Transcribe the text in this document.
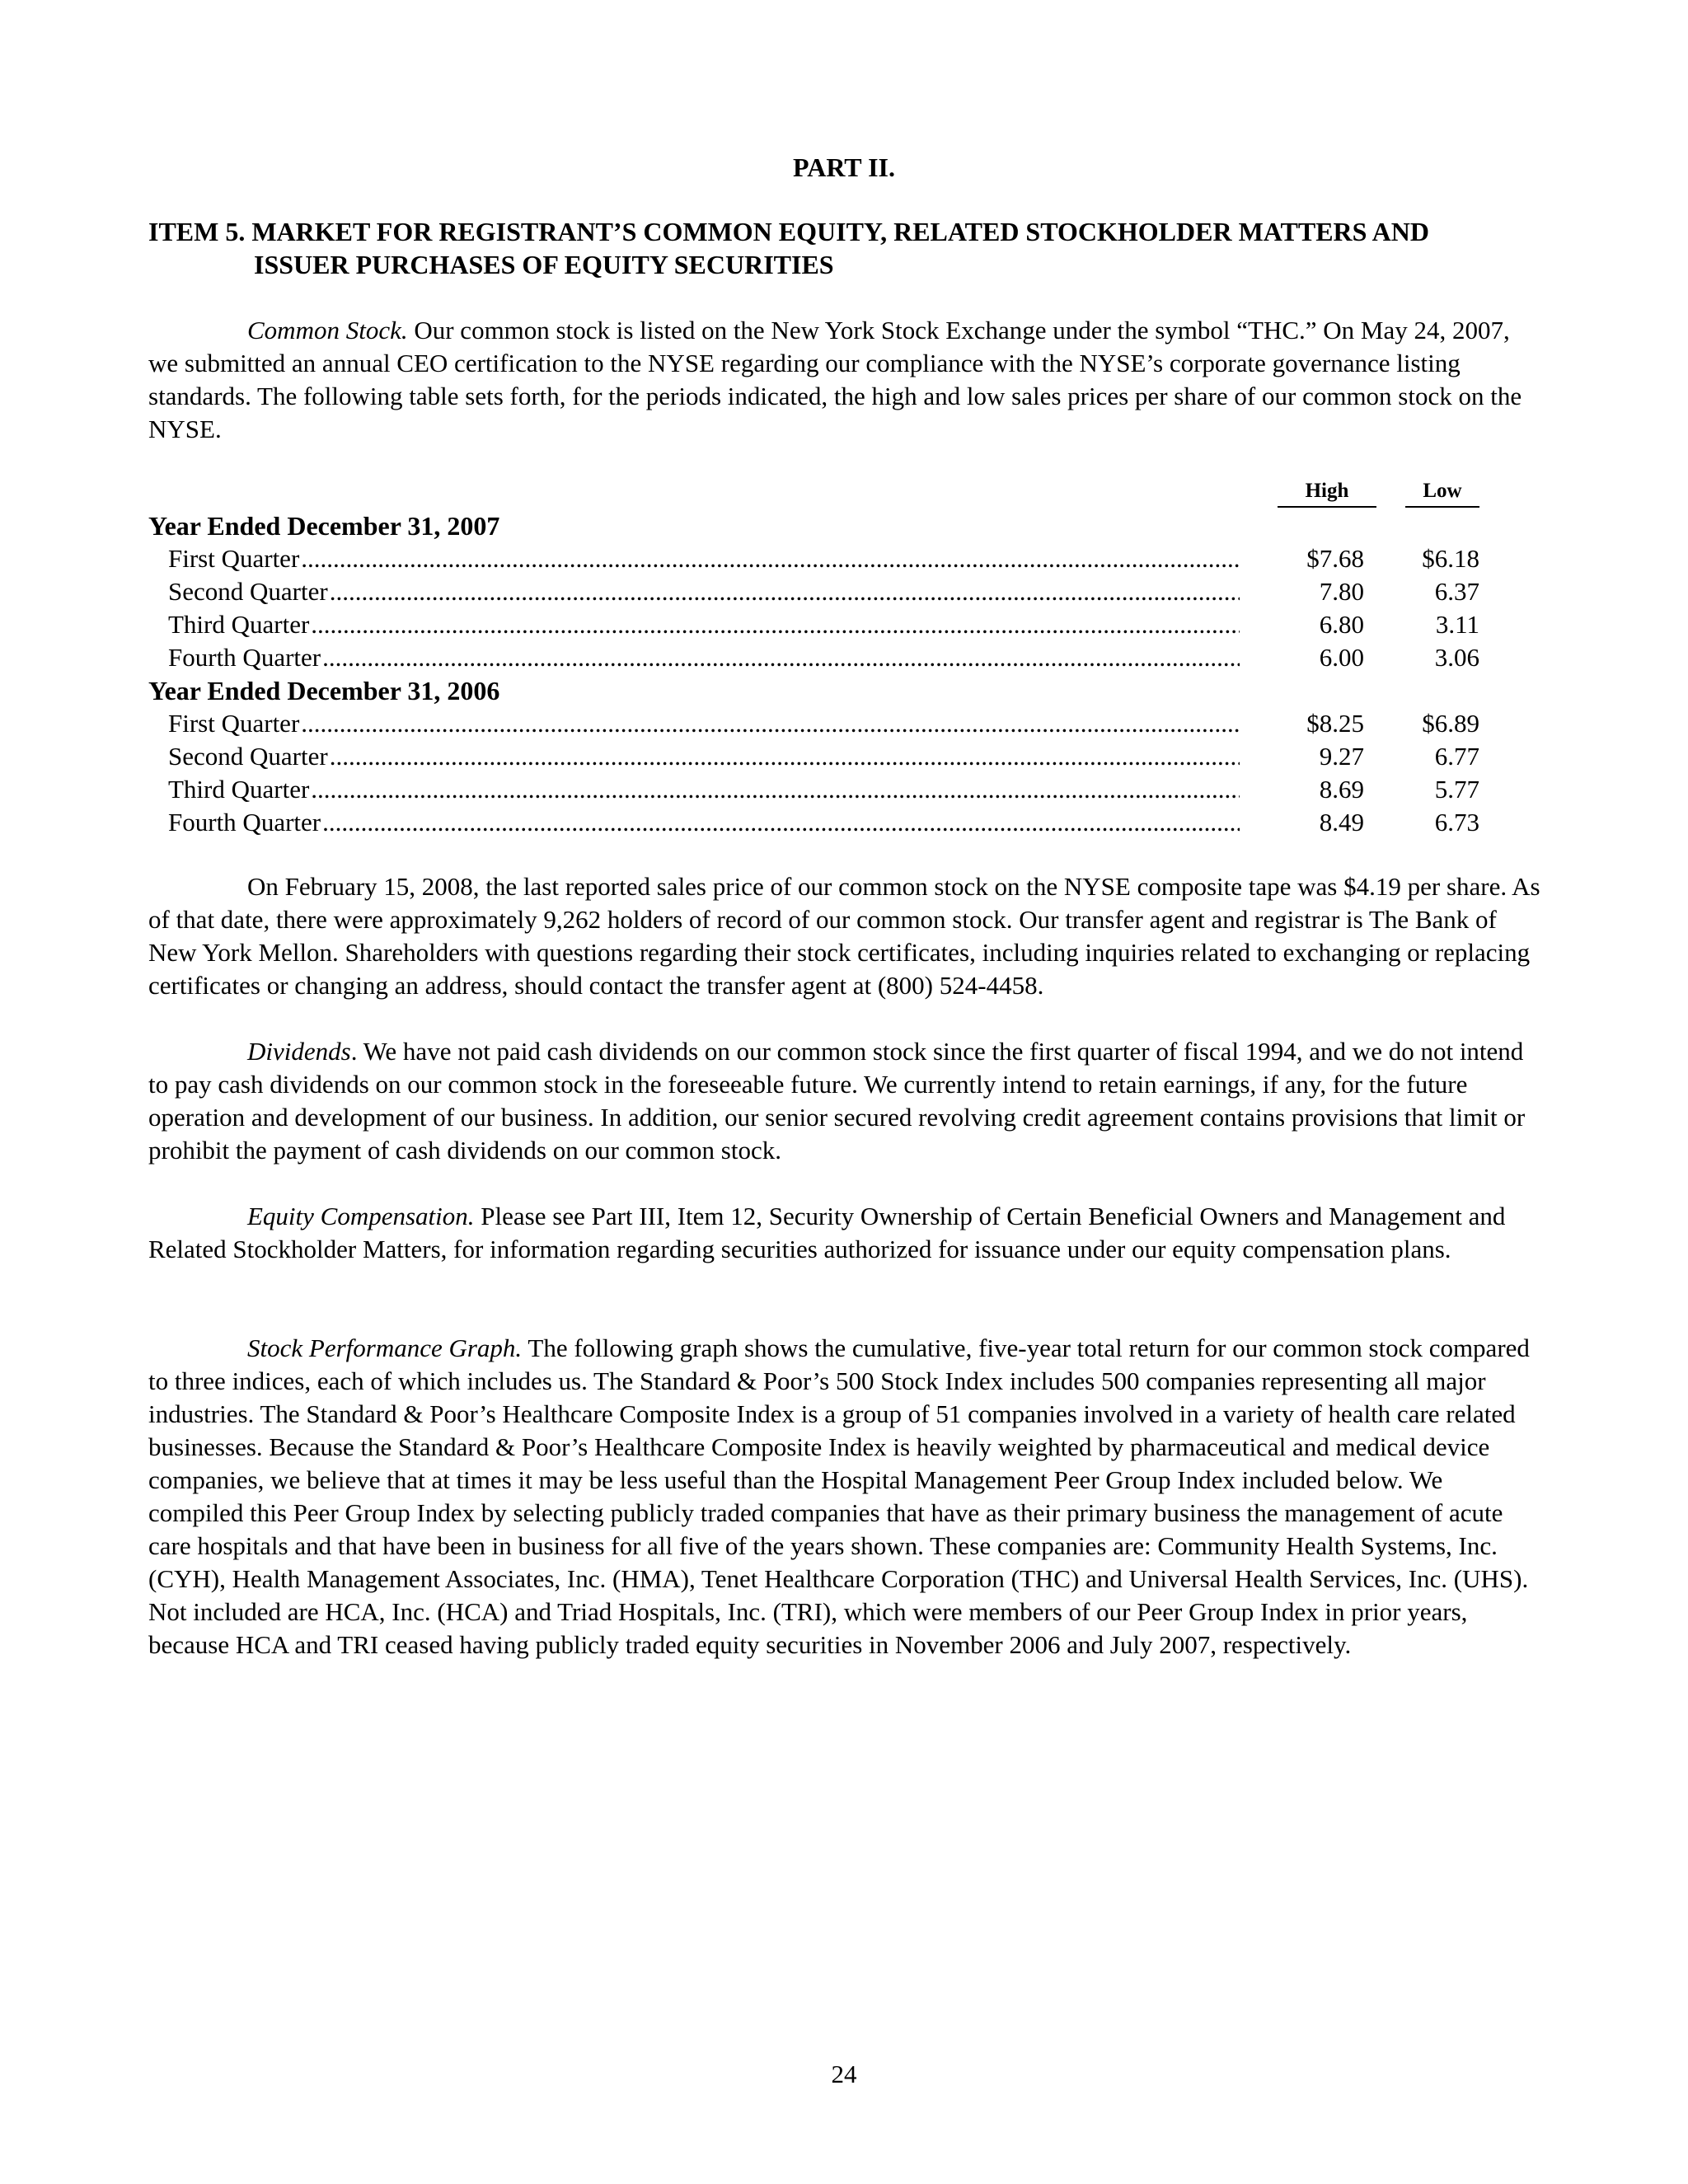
PART II.
ITEM 5. MARKET FOR REGISTRANT’S COMMON EQUITY, RELATED STOCKHOLDER MATTERS AND
ISSUER PURCHASES OF EQUITY SECURITIES

Common Stock. Our common stock is listed on the New York Stock Exchange under the symbol “THC.” On May 24, 2007, we submitted an annual CEO certification to the NYSE regarding our compliance with the NYSE’s corporate governance listing standards. The following table sets forth, for the periods indicated, the high and low sales prices per share of our common stock on the NYSE.

High	Low
Year Ended December 31, 2007
First Quarter .....	$7.68	$6.18
Second Quarter .....	7.80	6.37
Third Quarter .....	6.80	3.11
Fourth Quarter .....	6.00	3.06
Year Ended December 31, 2006
First Quarter .....	$8.25	$6.89
Second Quarter .....	9.27	6.77
Third Quarter .....	8.69	5.77
Fourth Quarter .....	8.49	6.73

On February 15, 2008, the last reported sales price of our common stock on the NYSE composite tape was $4.19 per share. As of that date, there were approximately 9,262 holders of record of our common stock. Our transfer agent and registrar is The Bank of New York Mellon. Shareholders with questions regarding their stock certificates, including inquiries related to exchanging or replacing certificates or changing an address, should contact the transfer agent at (800) 524-4458.

Dividends. We have not paid cash dividends on our common stock since the first quarter of fiscal 1994, and we do not intend to pay cash dividends on our common stock in the foreseeable future. We currently intend to retain earnings, if any, for the future operation and development of our business. In addition, our senior secured revolving credit agreement contains provisions that limit or prohibit the payment of cash dividends on our common stock.

Equity Compensation. Please see Part III, Item 12, Security Ownership of Certain Beneficial Owners and Management and Related Stockholder Matters, for information regarding securities authorized for issuance under our equity compensation plans.

Stock Performance Graph. The following graph shows the cumulative, five-year total return for our common stock compared to three indices, each of which includes us. The Standard & Poor’s 500 Stock Index includes 500 companies representing all major industries. The Standard & Poor’s Healthcare Composite Index is a group of 51 companies involved in a variety of health care related businesses. Because the Standard & Poor’s Healthcare Composite Index is heavily weighted by pharmaceutical and medical device companies, we believe that at times it may be less useful than the Hospital Management Peer Group Index included below. We compiled this Peer Group Index by selecting publicly traded companies that have as their primary business the management of acute care hospitals and that have been in business for all five of the years shown. These companies are: Community Health Systems, Inc. (CYH), Health Management Associates, Inc. (HMA), Tenet Healthcare Corporation (THC) and Universal Health Services, Inc. (UHS). Not included are HCA, Inc. (HCA) and Triad Hospitals, Inc. (TRI), which were members of our Peer Group Index in prior years, because HCA and TRI ceased having publicly traded equity securities in November 2006 and July 2007, respectively.

24
